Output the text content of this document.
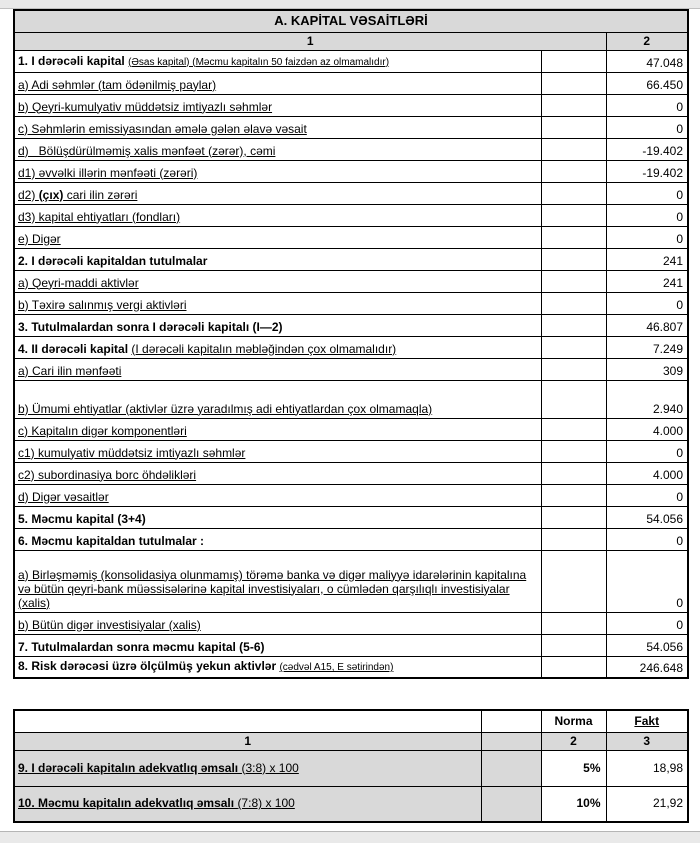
A. KAPİTAL VƏSAİTLƏRİ		
1		2
1. I dərəcəli kapital (Əsas kapital) (Məcmu kapitalın 50 faizdən az olmamalıdır)		47.048
a) Adi səhmlər (tam ödənilmiş paylar)		66.450
b) Qeyri-kumulyativ müddətsiz imtiyazlı səhmlər		0
c) Səhmlərin emissiyasından əmələ gələn əlavə vəsait		0
d)   Bölüşdürülməmiş xalis mənfəət (zərər), cəmi		-19.402
d1) əvvəlki illərin mənfəəti (zərəri)		-19.402
d2) (çıx) cari ilin zərəri		0
d3) kapital ehtiyatları (fondları)		0
e) Digər		0
2. I dərəcəli kapitaldan tutulmalar		241
a) Qeyri-maddi aktivlər		241
b) Təxirə salınmış vergi aktivləri		0
3. Tutulmalardan sonra I dərəcəli kapitalı (I—2)		46.807
4. II dərəcəli kapital (I dərəcəli kapitalın məbləğindən çox olmamalıdır)		7.249
a) Cari ilin mənfəəti		309
b) Ümumi ehtiyatlar (aktivlər üzrə yaradılmış adi ehtiyatlardan çox olmamaqla)		2.940
c) Kapitalın digər komponentləri		4.000
c1) kumulyativ müddətsiz imtiyazlı səhmlər		0
c2) subordinasiya borc öhdəlikləri		4.000
d) Digər vəsaitlər		0
5. Məcmu kapital (3+4)		54.056
6. Məcmu kapitaldan tutulmalar :		0
a) Birləşməmiş (konsolidasiya olunmamış) törəmə banka və digər maliyyə idarələrinin kapitalına və bütün qeyri-bank müəssisələrinə kapital investisiyaları, o cümlədən qarşılıqlı investisiyalar (xalis)		0
b) Bütün digər investisiyalar (xalis)		0
7. Tutulmalardan sonra məcmu kapital (5-6)		54.056
8. Risk dərəcəsi üzrə ölçülmüş yekun aktivlər (cədvəl A15, E sətirindən)		246.648
		Norma	Fakt
1		2	3
9. I dərəcəli kapitalın adekvatlıq əmsalı (3:8) x 100		5%	18,98
10. Məcmu kapitalın adekvatlıq əmsalı (7:8) x 100		10%	21,92
